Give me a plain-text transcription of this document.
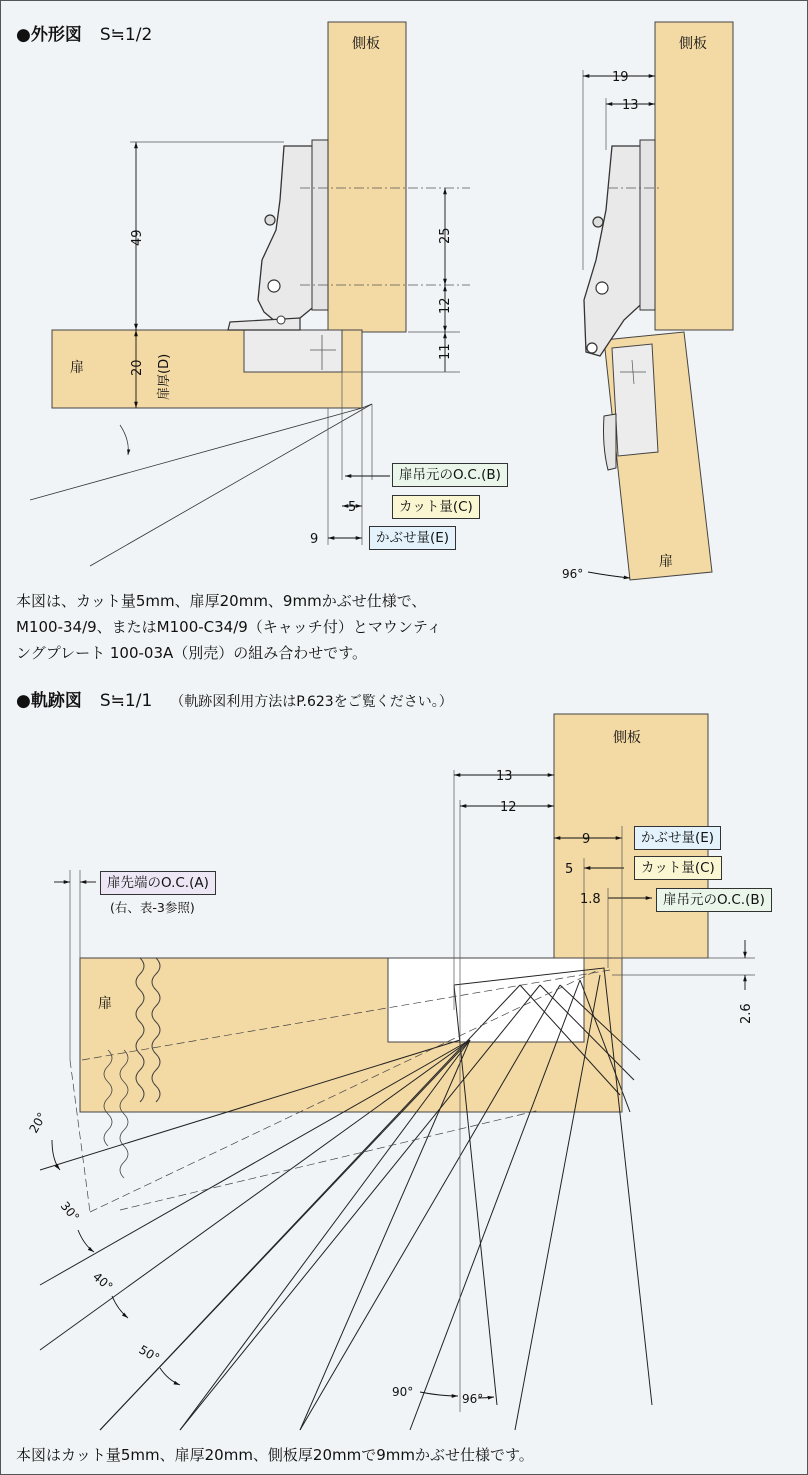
側板	側板
側板
扉
扉
扉
扉厚(D)
49
20
25
12
11
5
9
19
13
96°
13
12
9
5
1.8
2.6
20°
30°
40°
50°
90°	96°
●外形図 S≒1/2
●軌跡図 S≒1/1 （軌跡図利用方法はP.623をご覧ください。）
扉吊元のO.C.(B)
カット量(C)
かぶせ量(E)
本図は、カット量5mm、扉厚20mm、9mmかぶせ仕様で、
M100-34/9、またはM100-C34/9（キャッチ付）とマウンティ
ングプレート 100-03A（別売）の組み合わせです。
かぶせ量(E)
カット量(C)
扉吊元のO.C.(B)
扉先端のO.C.(A)
(右、表-3参照)
本図はカット量5mm、扉厚20mm、側板厚20mmで9mmかぶせ仕様です。
